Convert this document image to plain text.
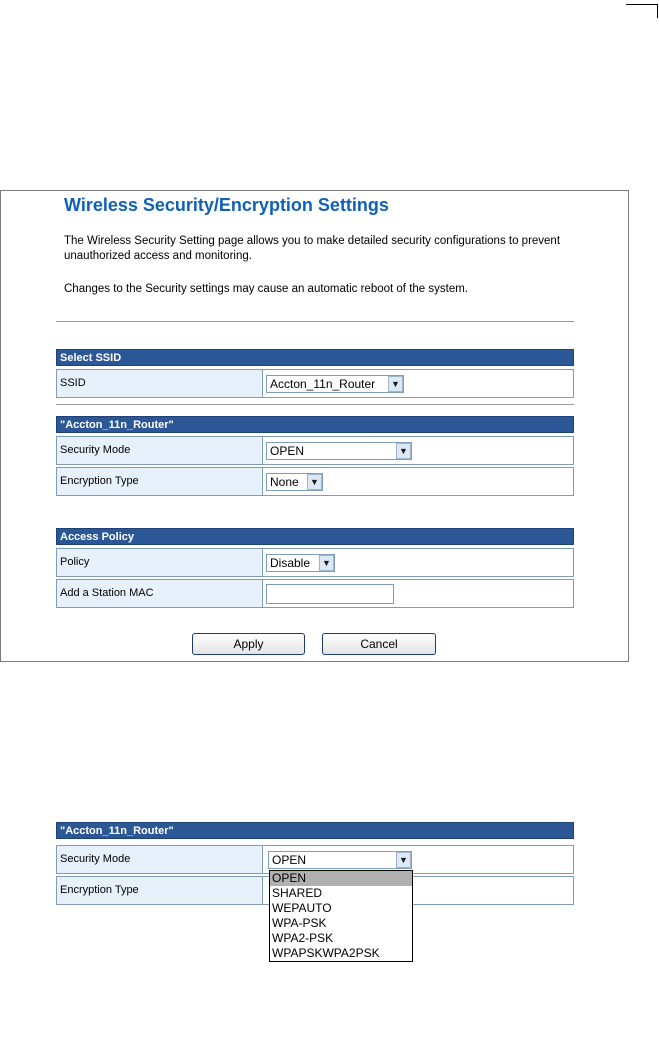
Wireless Security/Encryption Settings

The Wireless Security Setting page allows you to make detailed security configurations to prevent unauthorized access and monitoring.

Changes to the Security settings may cause an automatic reboot of the system.

Select SSID
SSID	Accton_11n_Router	▼
"Accton_11n_Router"
Security Mode	OPEN	▼
Encryption Type	None	▼
Access Policy
Policy	Disable	▼
Add a Station MAC
Apply	Cancel
"Accton_11n_Router"
Security Mode	OPEN	▼
Encryption Type
OPEN
SHARED
WEPAUTO
WPA-PSK
WPA2-PSK
WPAPSKWPA2PSK
